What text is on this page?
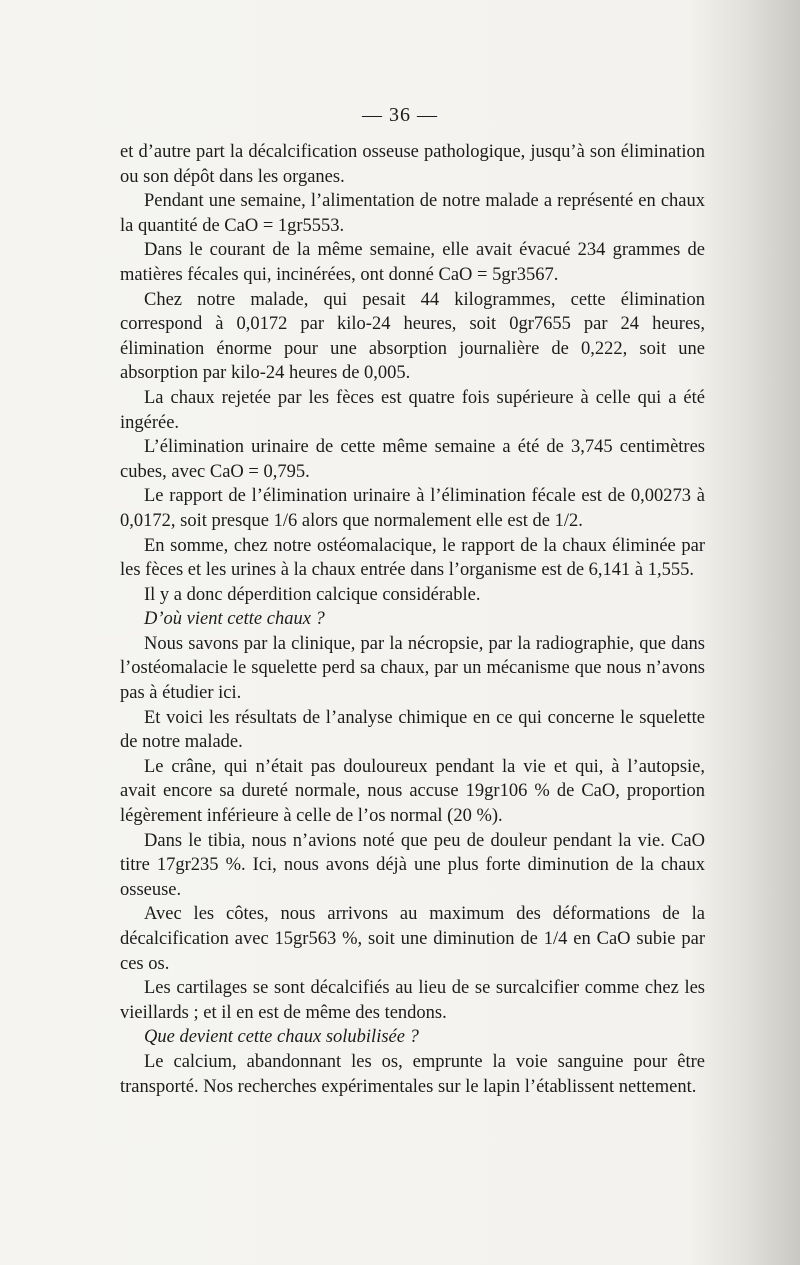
— 36 —

et d’autre part la décalcification osseuse pathologique, jusqu’à son élimination ou son dépôt dans les organes.

Pendant une semaine, l’alimentation de notre malade a représenté en chaux la quantité de CaO = 1gr5553.

Dans le courant de la même semaine, elle avait évacué 234 grammes de matières fécales qui, incinérées, ont donné CaO = 5gr3567.

Chez notre malade, qui pesait 44 kilogrammes, cette élimination correspond à 0,0172 par kilo-24 heures, soit 0gr7655 par 24 heures, élimination énorme pour une absorption journalière de 0,222, soit une absorption par kilo-24 heures de 0,005.

La chaux rejetée par les fèces est quatre fois supérieure à celle qui a été ingérée.

L’élimination urinaire de cette même semaine a été de 3,745 centimètres cubes, avec CaO = 0,795.

Le rapport de l’élimination urinaire à l’élimination fécale est de 0,00273 à 0,0172, soit presque 1/6 alors que normalement elle est de 1/2.

En somme, chez notre ostéomalacique, le rapport de la chaux éliminée par les fèces et les urines à la chaux entrée dans l’organisme est de 6,141 à 1,555.

Il y a donc déperdition calcique considérable.

D’où vient cette chaux ?

Nous savons par la clinique, par la nécropsie, par la radiographie, que dans l’ostéomalacie le squelette perd sa chaux, par un mécanisme que nous n’avons pas à étudier ici.

Et voici les résultats de l’analyse chimique en ce qui concerne le squelette de notre malade.

Le crâne, qui n’était pas douloureux pendant la vie et qui, à l’autopsie, avait encore sa dureté normale, nous accuse 19gr106 % de CaO, proportion légèrement inférieure à celle de l’os normal (20 %).

Dans le tibia, nous n’avions noté que peu de douleur pendant la vie. CaO titre 17gr235 %. Ici, nous avons déjà une plus forte diminution de la chaux osseuse.

Avec les côtes, nous arrivons au maximum des déformations de la décalcification avec 15gr563 %, soit une diminution de 1/4 en CaO subie par ces os.

Les cartilages se sont décalcifiés au lieu de se surcalcifier comme chez les vieillards ; et il en est de même des tendons.

Que devient cette chaux solubilisée ?

Le calcium, abandonnant les os, emprunte la voie sanguine pour être transporté. Nos recherches expérimentales sur le lapin l’établissent nettement.
